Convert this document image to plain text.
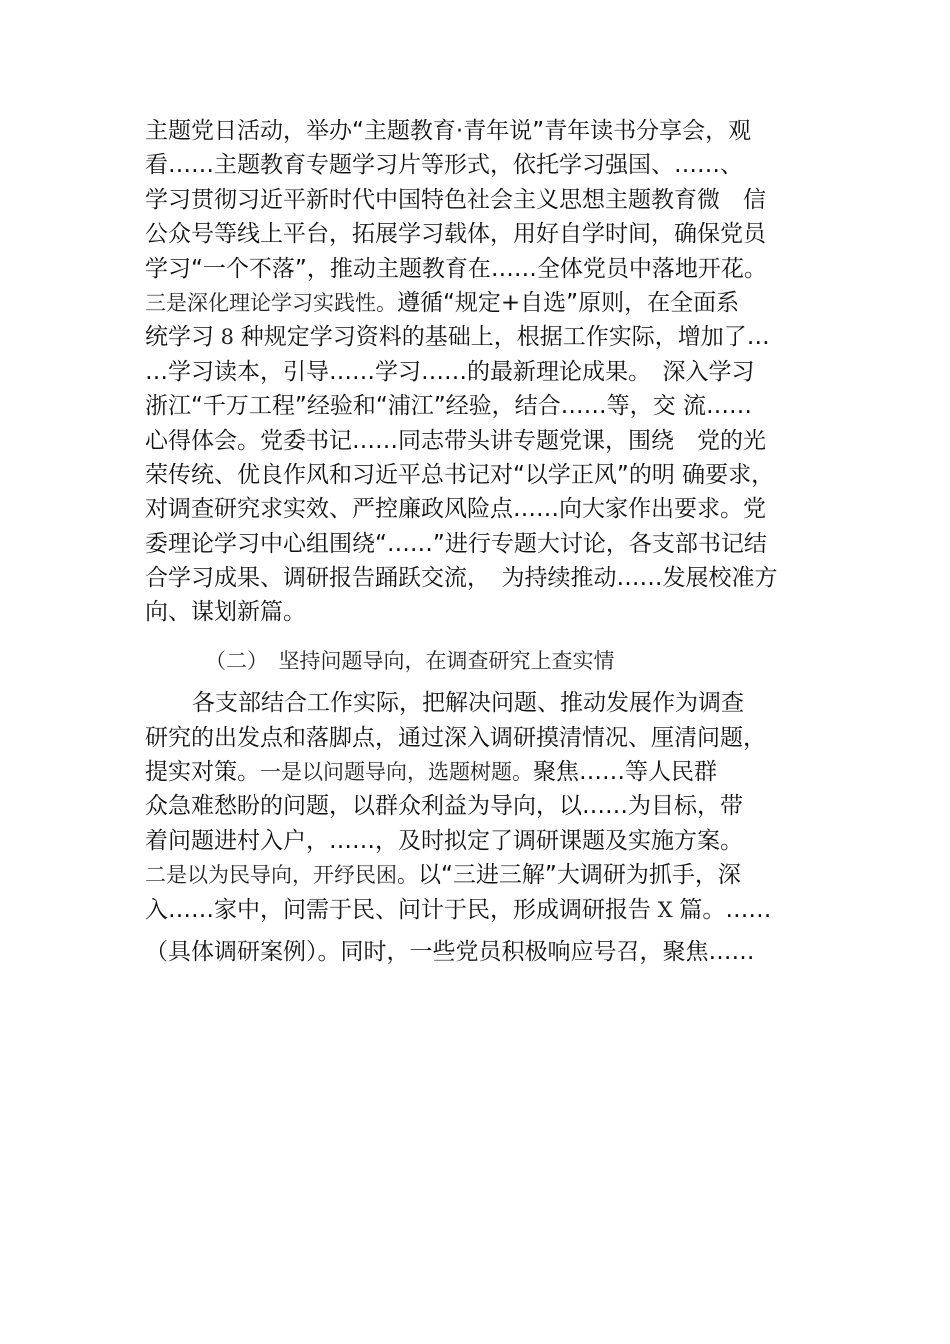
主题党日活动，举办“主题教育·青年说”青年读书分享会，观
看……主题教育专题学习片等形式，依托学习强国、……、
学习贯彻习近平新时代中国特色社会主义思想主题教育微　信
公众号等线上平台，拓展学习载体，用好自学时间，确保党员
学习“一个不落”，推动主题教育在……全体党员中落地开花。
三是深化理论学习实践性。遵循“规定+自选”原则，在全面系
统学习 8 种规定学习资料的基础上，根据工作实际，增加了…
…学习读本，引导……学习……的最新理论成果。　深入学习
浙江“千万工程”经验和“浦江”经验，结合……等，交 流……
心得体会。党委书记……同志带头讲专题党课，围绕　党的光
荣传统、优良作风和习近平总书记对“以学正风”的明 确要求，
对调查研究求实效、严控廉政风险点……向大家作出要求。党
委理论学习中心组围绕“……”进行专题大讨论，各支部书记结
合学习成果、调研报告踊跃交流，　为持续推动……发展校准方
向、谋划新篇。
（二）　坚持问题导向，在调查研究上查实情
各支部结合工作实际，把解决问题、推动发展作为调查
研究的出发点和落脚点，通过深入调研摸清情况、厘清问题，
提实对策。一是以问题导向，选题树题。聚焦……等人民群
众急难愁盼的问题，以群众利益为导向，以……为目标，带
着问题进村入户，……，及时拟定了调研课题及实施方案。
二是以为民导向，开纾民困。以“三进三解”大调研为抓手，深
入……家中，问需于民、问计于民，形成调研报告 X 篇。……
（具体调研案例）。同时，一些党员积极响应号召，聚焦……
